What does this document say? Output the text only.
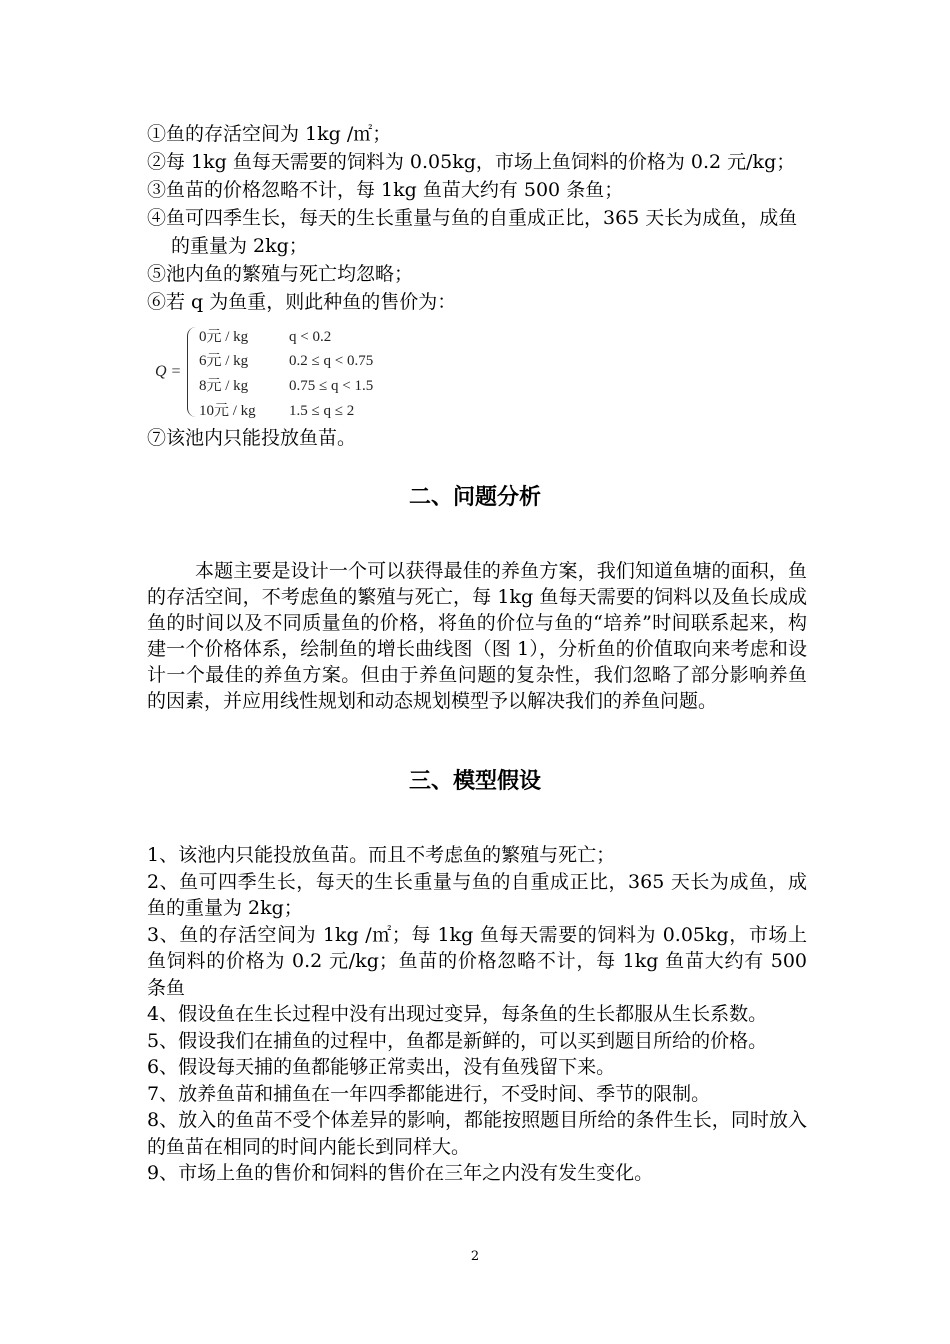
①鱼的存活空间为 1kg /㎡；

②每 1kg 鱼每天需要的饲料为 0.05kg，市场上鱼饲料的价格为 0.2 元/kg；

③鱼苗的价格忽略不计，每 1kg 鱼苗大约有 500 条鱼；

④鱼可四季生长，每天的生长重量与鱼的自重成正比，365 天长为成鱼，成鱼的重量为 2kg；

⑤池内鱼的繁殖与死亡均忽略；

⑥若 q 为鱼重，则此种鱼的售价为：

Q =
0元 / kg	q < 0.2
6元 / kg	0.2 ≤ q < 0.75
8元 / kg	0.75 ≤ q < 1.5
10元 / kg 1.5 ≤ q ≤ 2

⑦该池内只能投放鱼苗。

二、问题分析

本题主要是设计一个可以获得最佳的养鱼方案，我们知道鱼塘的面积，鱼的存活空间，不考虑鱼的繁殖与死亡，每 1kg 鱼每天需要的饲料以及鱼长成成鱼的时间以及不同质量鱼的价格，将鱼的价位与鱼的“培养”时间联系起来，构建一个价格体系，绘制鱼的增长曲线图（图 1），分析鱼的价值取向来考虑和设计一个最佳的养鱼方案。但由于养鱼问题的复杂性，我们忽略了部分影响养鱼的因素，并应用线性规划和动态规划模型予以解决我们的养鱼问题。

三、模型假设

1、该池内只能投放鱼苗。而且不考虑鱼的繁殖与死亡；

2、鱼可四季生长，每天的生长重量与鱼的自重成正比，365 天长为成鱼，成鱼的重量为 2kg；

3、鱼的存活空间为 1kg /㎡；每 1kg 鱼每天需要的饲料为 0.05kg，市场上鱼饲料的价格为 0.2 元/kg；鱼苗的价格忽略不计，每 1kg 鱼苗大约有 500 条鱼

4、假设鱼在生长过程中没有出现过变异，每条鱼的生长都服从生长系数。

5、假设我们在捕鱼的过程中，鱼都是新鲜的，可以买到题目所给的价格。

6、假设每天捕的鱼都能够正常卖出，没有鱼残留下来。

7、放养鱼苗和捕鱼在一年四季都能进行，不受时间、季节的限制。

8、放入的鱼苗不受个体差异的影响，都能按照题目所给的条件生长，同时放入的鱼苗在相同的时间内能长到同样大。

9、市场上鱼的售价和饲料的售价在三年之内没有发生变化。

2
